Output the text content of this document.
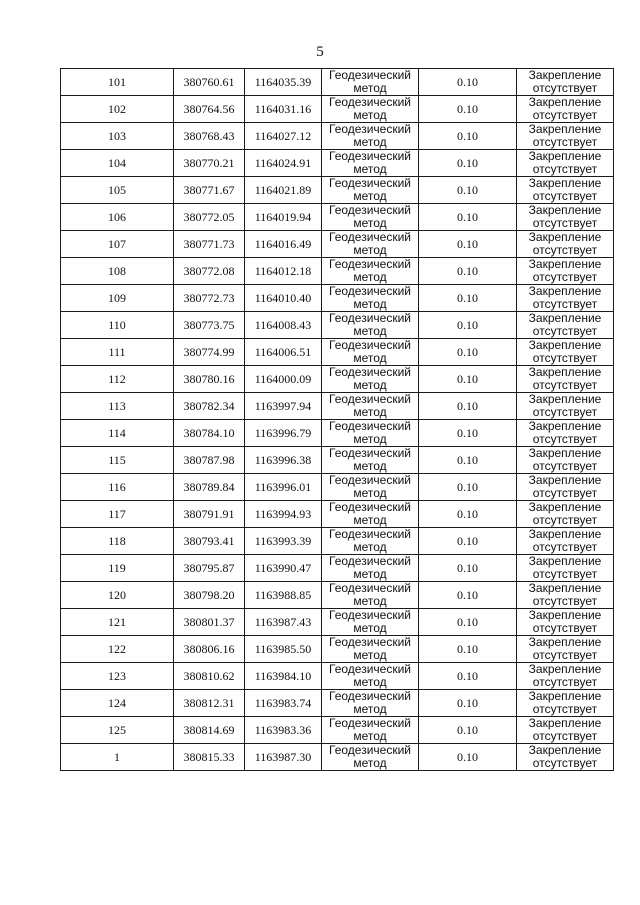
5
101	380760.61	1164035.39	Геодезический метод	0.10	Закрепление отсутствует
102	380764.56	1164031.16	Геодезический метод	0.10	Закрепление отсутствует
103	380768.43	1164027.12	Геодезический метод	0.10	Закрепление отсутствует
104	380770.21	1164024.91	Геодезический метод	0.10	Закрепление отсутствует
105	380771.67	1164021.89	Геодезический метод	0.10	Закрепление отсутствует
106	380772.05	1164019.94	Геодезический метод	0.10	Закрепление отсутствует
107	380771.73	1164016.49	Геодезический метод	0.10	Закрепление отсутствует
108	380772.08	1164012.18	Геодезический метод	0.10	Закрепление отсутствует
109	380772.73	1164010.40	Геодезический метод	0.10	Закрепление отсутствует
110	380773.75	1164008.43	Геодезический метод	0.10	Закрепление отсутствует
111	380774.99	1164006.51	Геодезический метод	0.10	Закрепление отсутствует
112	380780.16	1164000.09	Геодезический метод	0.10	Закрепление отсутствует
113	380782.34	1163997.94	Геодезический метод	0.10	Закрепление отсутствует
114	380784.10	1163996.79	Геодезический метод	0.10	Закрепление отсутствует
115	380787.98	1163996.38	Геодезический метод	0.10	Закрепление отсутствует
116	380789.84	1163996.01	Геодезический метод	0.10	Закрепление отсутствует
117	380791.91	1163994.93	Геодезический метод	0.10	Закрепление отсутствует
118	380793.41	1163993.39	Геодезический метод	0.10	Закрепление отсутствует
119	380795.87	1163990.47	Геодезический метод	0.10	Закрепление отсутствует
120	380798.20	1163988.85	Геодезический метод	0.10	Закрепление отсутствует
121	380801.37	1163987.43	Геодезический метод	0.10	Закрепление отсутствует
122	380806.16	1163985.50	Геодезический метод	0.10	Закрепление отсутствует
123	380810.62	1163984.10	Геодезический метод	0.10	Закрепление отсутствует
124	380812.31	1163983.74	Геодезический метод	0.10	Закрепление отсутствует
125	380814.69	1163983.36	Геодезический метод	0.10	Закрепление отсутствует
1	380815.33	1163987.30	Геодезический метод	0.10	Закрепление отсутствует
